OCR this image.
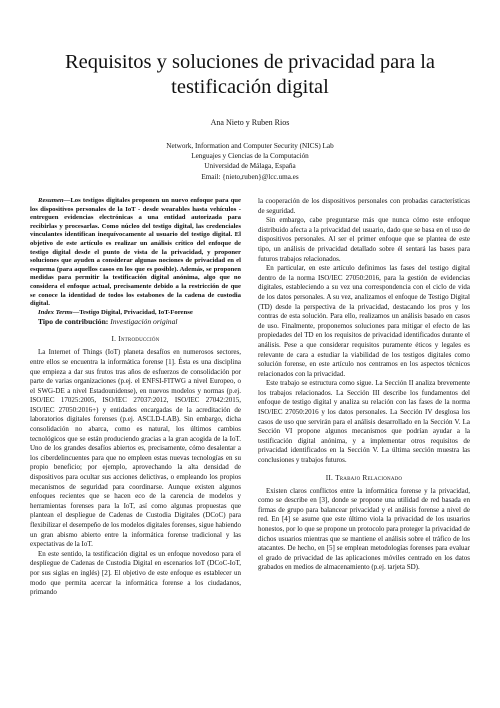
Requisitos y soluciones de privacidad para la testificación digital
Ana Nieto y Ruben Rios
Network, Information and Computer Security (NICS) Lab
Lenguajes y Ciencias de la Computación
Universidad de Málaga, España
Email: {nieto,ruben}@lcc.uma.es

Resumen—Los testigos digitales proponen un nuevo enfoque para que los dispositivos personales de la IoT - desde wearables hasta vehículos - entreguen evidencias electrónicas a una entidad autorizada para recibirlas y procesarlas. Como núcleo del testigo digital, las credenciales vinculantes identifican inequívocamente al usuario del testigo digital. El objetivo de este artículo es realizar un análisis crítico del enfoque de testigo digital desde el punto de vista de la privacidad, y proponer soluciones que ayuden a considerar algunas nociones de privacidad en el esquema (para aquellos casos en los que es posible). Además, se proponen medidas para permitir la testificación digital anónima, algo que no considera el enfoque actual, precisamente debido a la restricción de que se conoce la identidad de todos los estabones de la cadena de custodia digital.

Index Terms—Testigo Digital, Privacidad, IoT-Forense

Tipo de contribución: Investigación original

I. Introducción

La Internet of Things (IoT) planeta desafíos en numerosos sectores, entre ellos se encuentra la informática forense [1]. Ésta es una disciplina que empieza a dar sus frutos tras años de esfuerzos de consolidación por parte de varias organizaciones (p.ej. el ENFSI-FITWG a nivel Europeo, o el SWG-DE a nivel Estadounidense), en nuevos modelos y normas (p.ej. ISO/IEC 17025:2005, ISO/IEC 27037:2012, ISO/IEC 27042:2015, ISO/IEC 27050:2016+) y entidades encargadas de la acreditación de laboratorios digitales forenses (p.ej. ASCLD-LAB). Sin embargo, dicha consolidación no abarca, como es natural, los últimos cambios tecnológicos que se están produciendo gracias a la gran acogida de la IoT. Uno de los grandes desafíos abiertos es, precisamente, cómo desalentar a los ciberdelincuentes para que no empleen estas nuevas tecnologías en su propio beneficio; por ejemplo, aprovechando la alta densidad de dispositivos para ocultar sus acciones delictivas, o empleando los propios mecanismos de seguridad para coordinarse. Aunque existen algunos enfoques recientes que se hacen eco de la carencia de modelos y herramientas forenses para la IoT, así como algunas propuestas que plantean el despliegue de Cadenas de Custodia Digitales (DCoC) para flexibilizar el desempeño de los modelos digitales forenses, sigue habiendo un gran abismo abierto entre la informática forense tradicional y las expectativas de la IoT.

En este sentido, la testificación digital es un enfoque novedoso para el despliegue de Cadenas de Custodia Digital en escenarios IoT (DCoC-IoT, por sus siglas en inglés) [2]. El objetivo de este enfoque es establecer un modo que permita acercar la informática forense a los ciudadanos, primando

la cooperación de los dispositivos personales con probadas características de seguridad.

Sin embargo, cabe preguntarse más que nunca cómo este enfoque distribuido afecta a la privacidad del usuario, dado que se basa en el uso de dispositivos personales. Al ser el primer enfoque que se plantea de este tipo, un análisis de privacidad detallado sobre él sentará las bases para futuros trabajos relacionados.

En particular, en este artículo definimos las fases del testigo digital dentro de la norma ISO/IEC 27050:2016, para la gestión de evidencias digitales, estableciendo a su vez una correspondencia con el ciclo de vida de los datos personales. A su vez, analizamos el enfoque de Testigo Digital (TD) desde la perspectiva de la privacidad, destacando los pros y los contras de esta solución. Para ello, realizamos un análisis basado en casos de uso. Finalmente, proponemos soluciones para mitigar el efecto de las propiedades del TD en los requisitos de privacidad identificados durante el análisis. Pese a que considerar requisitos puramente éticos y legales es relevante de cara a estudiar la viabilidad de los testigos digitales como solución forense, en este artículo nos centramos en los aspectos técnicos relacionados con la privacidad.

Este trabajo se estructura como sigue. La Sección II analiza brevemente los trabajos relacionados. La Sección III describe los fundamentos del enfoque de testigo digital y analiza su relación con las fases de la norma ISO/IEC 27050:2016 y los datos personales. La Sección IV desglosa los casos de uso que servirán para el análisis desarrollado en la Sección V. La Sección VI propone algunos mecanismos que podrían ayudar a la testificación digital anónima, y a implementar otros requisitos de privacidad identificados en la Sección V. La última sección muestra las conclusiones y trabajos futuros.

II. Trabajo Relacionado

Existen claros conflictos entre la informática forense y la privacidad, como se describe en [3], donde se propone una utilidad de red basada en firmas de grupo para balancear privacidad y el análisis forense a nivel de red. En [4] se asume que este último viola la privacidad de los usuarios honestos, por lo que se propone un protocolo para proteger la privacidad de dichos usuarios mientras que se mantiene el análisis sobre el tráfico de los atacantes. De hecho, en [5] se emplean metodologías forenses para evaluar el grado de privacidad de las aplicaciones móviles centrado en los datos grabados en medios de almacenamiento (p.ej. tarjeta SD).
